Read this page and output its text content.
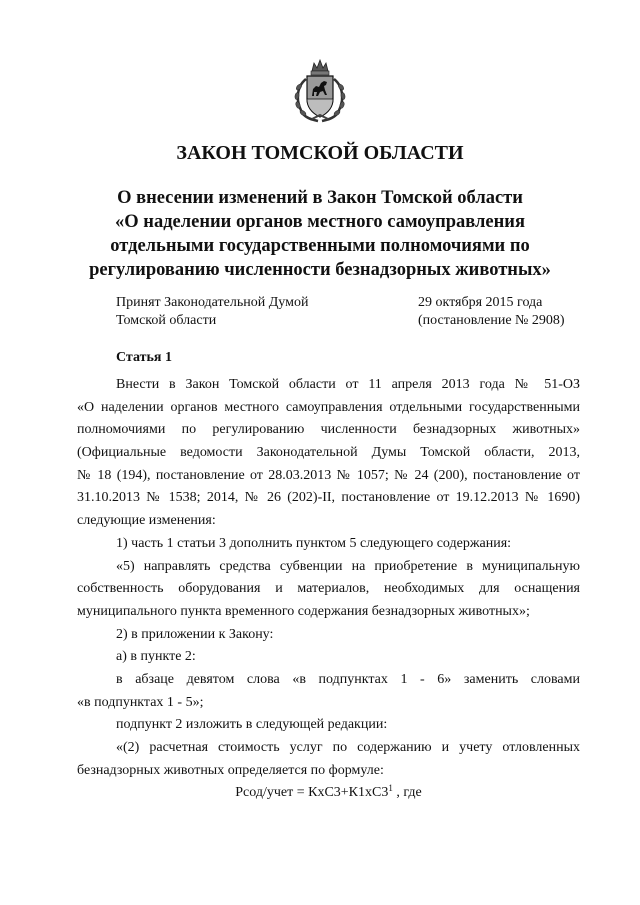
ЗАКОН ТОМСКОЙ ОБЛАСТИ
О внесении изменений в Закон Томской области
«О наделении органов местного самоуправления
отдельными государственными полномочиями по
регулированию численности безнадзорных животных»
Принят Законодательной Думой
Томской области
29 октября 2015 года
(постановление № 2908)
Статья 1
Внести в Закон Томской области от 11 апреля 2013 года № 51-ОЗ
«О наделении органов местного самоуправления отдельными государственными
полномочиями по регулированию численности безнадзорных животных»
(Официальные ведомости Законодательной Думы Томской области, 2013,
№ 18 (194), постановление от 28.03.2013 № 1057; № 24 (200), постановление от
31.10.2013 № 1538; 2014, № 26 (202)-II, постановление от 19.12.2013 № 1690)
следующие изменения:
1) часть 1 статьи 3 дополнить пунктом 5 следующего содержания:
«5) направлять средства субвенции на приобретение в муниципальную
собственность оборудования и материалов, необходимых для оснащения
муниципального пункта временного содержания безнадзорных животных»;
2) в приложении к Закону:
а) в пункте 2:
в абзаце девятом слова «в подпунктах 1 - 6» заменить словами
«в подпунктах 1 - 5»;
подпункт 2 изложить в следующей редакции:
«(2) расчетная стоимость услуг по содержанию и учету отловленных
безнадзорных животных определяется по формуле:
Рсод/учет = $КхС3+К1хС3^1$ , где
